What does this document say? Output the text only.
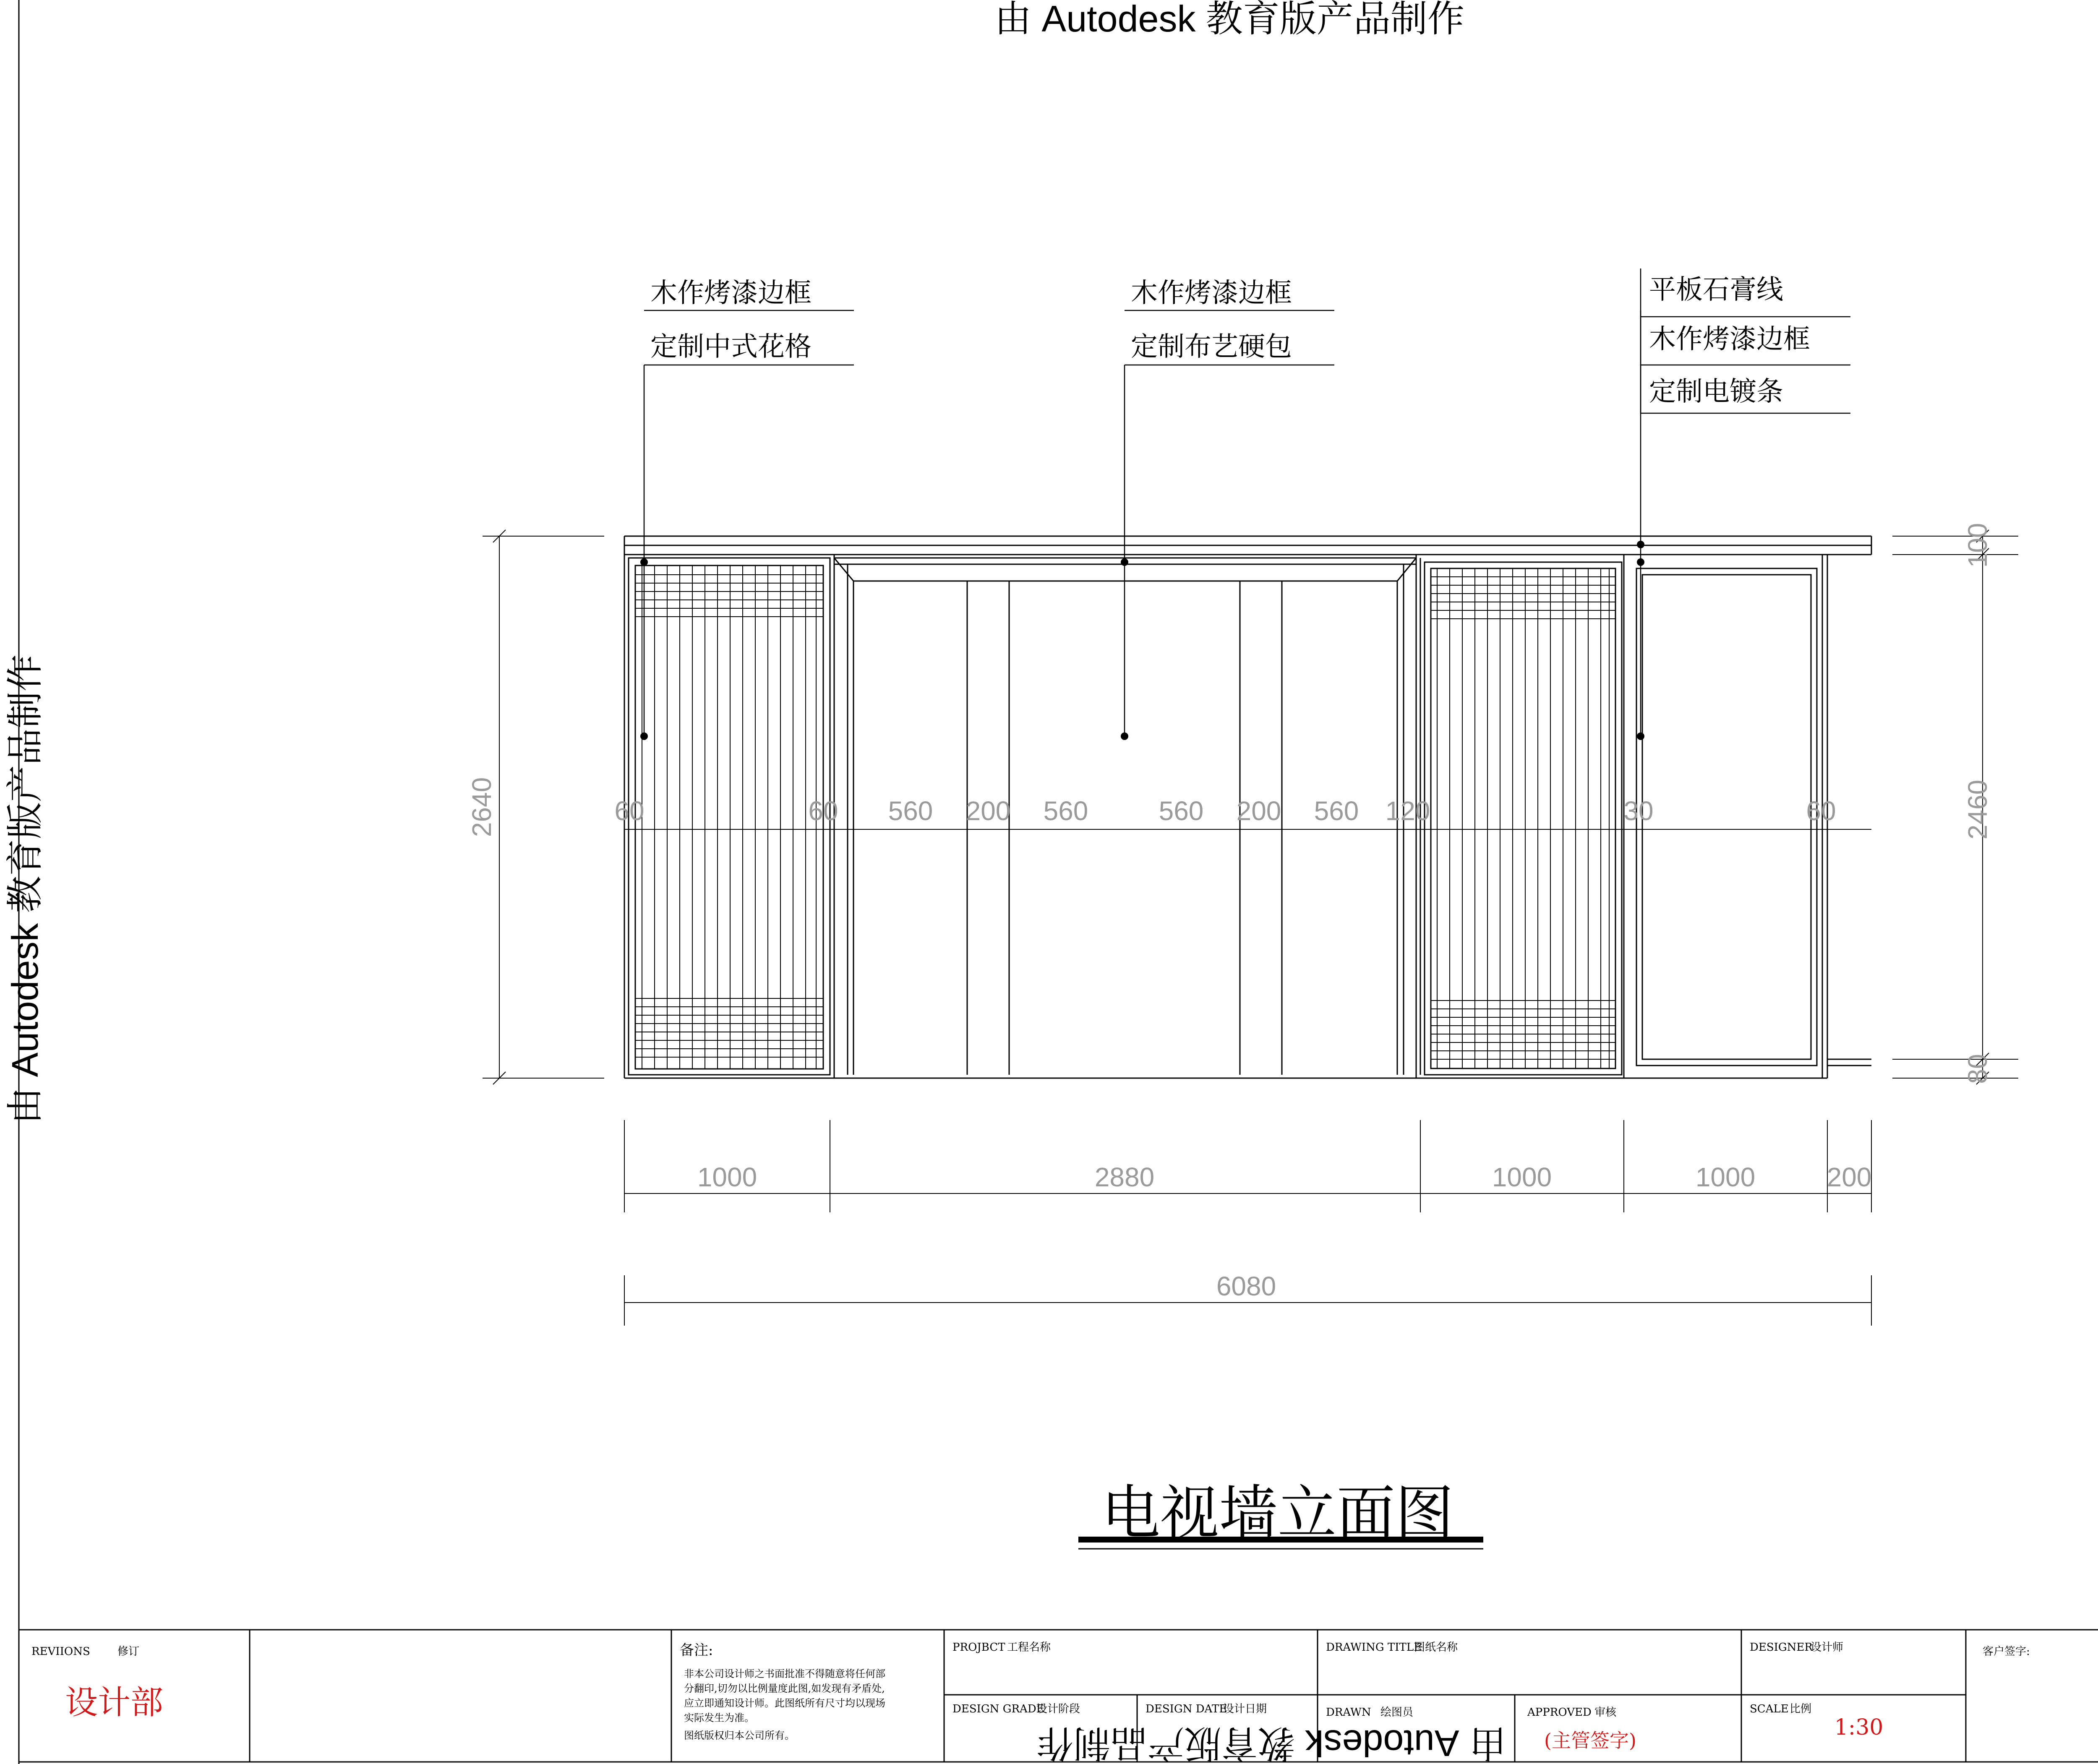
由 Autodesk 教育版产品制作
由 Autodesk 教育版产品制作
木作烤漆边框
定制中式花格
木作烤漆边框
定制布艺硬包
平板石膏线
木作烤漆边框
定制电镀条
2640
100
2460
80
60	60 560 200 560	560 200 560 120	30	60
1000	2880	1000	1000	200
6080
电视墙立面图
REVIIONS	修订
设计部
备注:
非本公司设计师之书面批准不得随意将任何部
分翻印,切勿以比例量度此图,如发现有矛盾处,
应立即通知设计师。此图纸所有尺寸均以现场
实际发生为准。
图纸版权归本公司所有。
PROJBCT 工程名称	DRAWING TITLE
图纸名称	DESIGNER
设计师	客户签字:
DESIGN GRADE
设计阶段	DESIGN DATE
设计日期	DRAWN 绘图员	APPROVED 审核
(主管签字)
SCALE 比例
1:30
由 Autodesk 教育版产品制作
